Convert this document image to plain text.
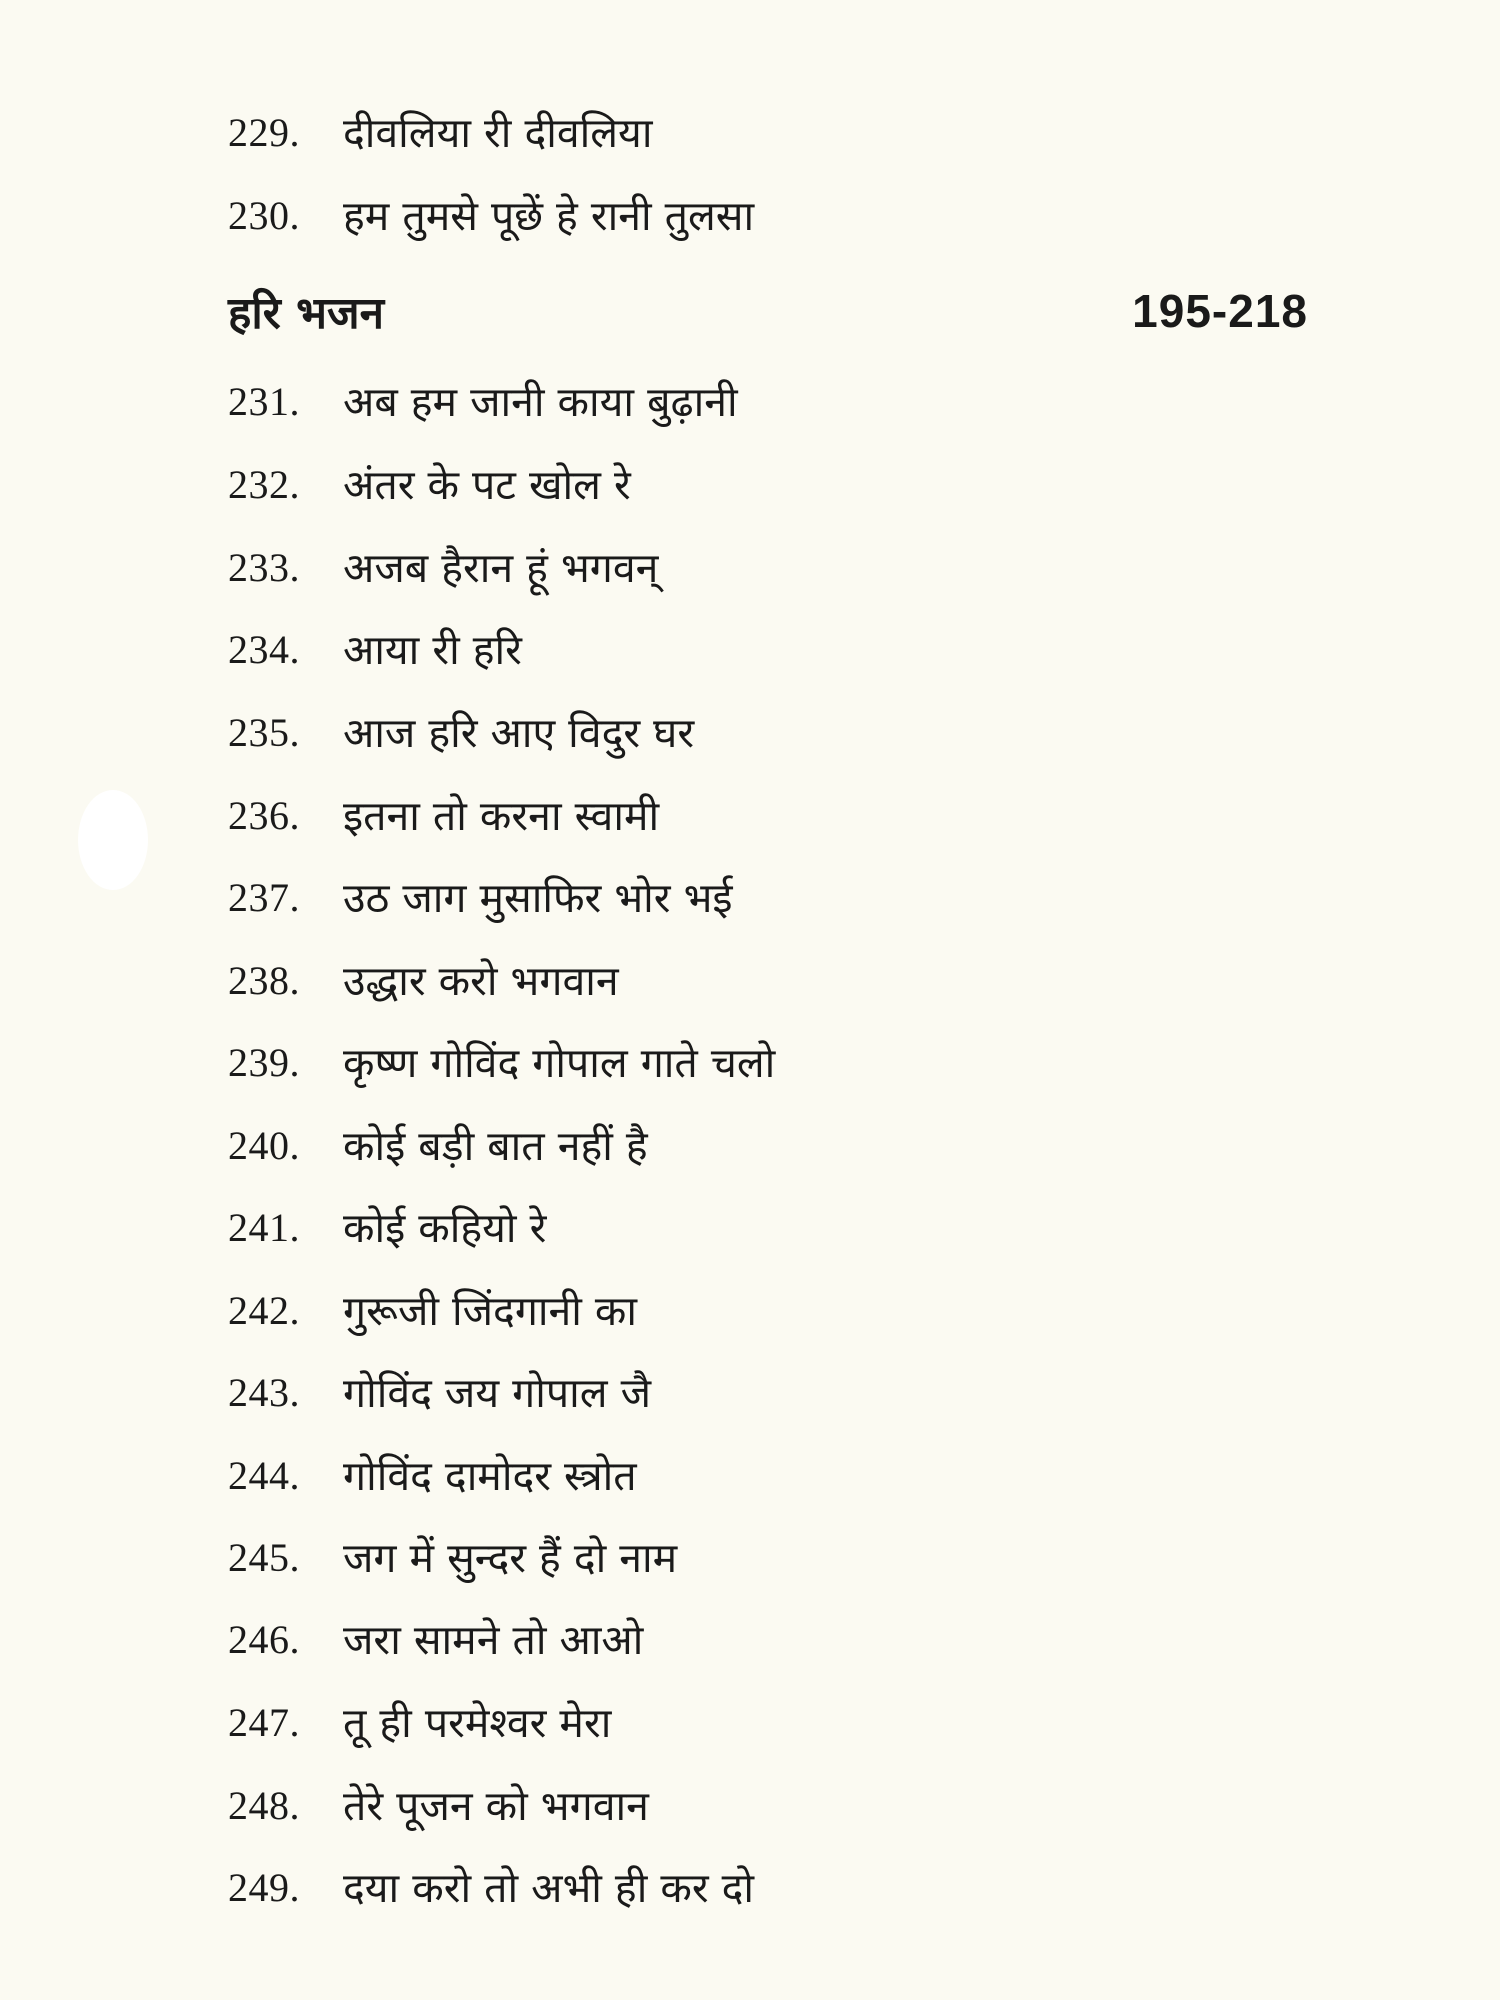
229.	दीवलिया री दीवलिया
230.	हम तुमसे पूछें हे रानी तुलसा
हरि भजन	195-218
231.	अब हम जानी काया बुढ़ानी
232.	अंतर के पट खोल रे
233.	अजब हैरान हूं भगवन्
234.	आया री हरि
235.	आज हरि आए विदुर घर
236.	इतना तो करना स्वामी
237.	उठ जाग मुसाफिर भोर भई
238.	उद्धार करो भगवान
239.	कृष्ण गोविंद गोपाल गाते चलो
240.	कोई बड़ी बात नहीं है
241.	कोई कहियो रे
242.	गुरूजी जिंदगानी का
243.	गोविंद जय गोपाल जै
244.	गोविंद दामोदर स्त्रोत
245.	जग में सुन्दर हैं दो नाम
246.	जरा सामने तो आओ
247.	तू ही परमेश्वर मेरा
248.	तेरे पूजन को भगवान
249.	दया करो तो अभी ही कर दो
